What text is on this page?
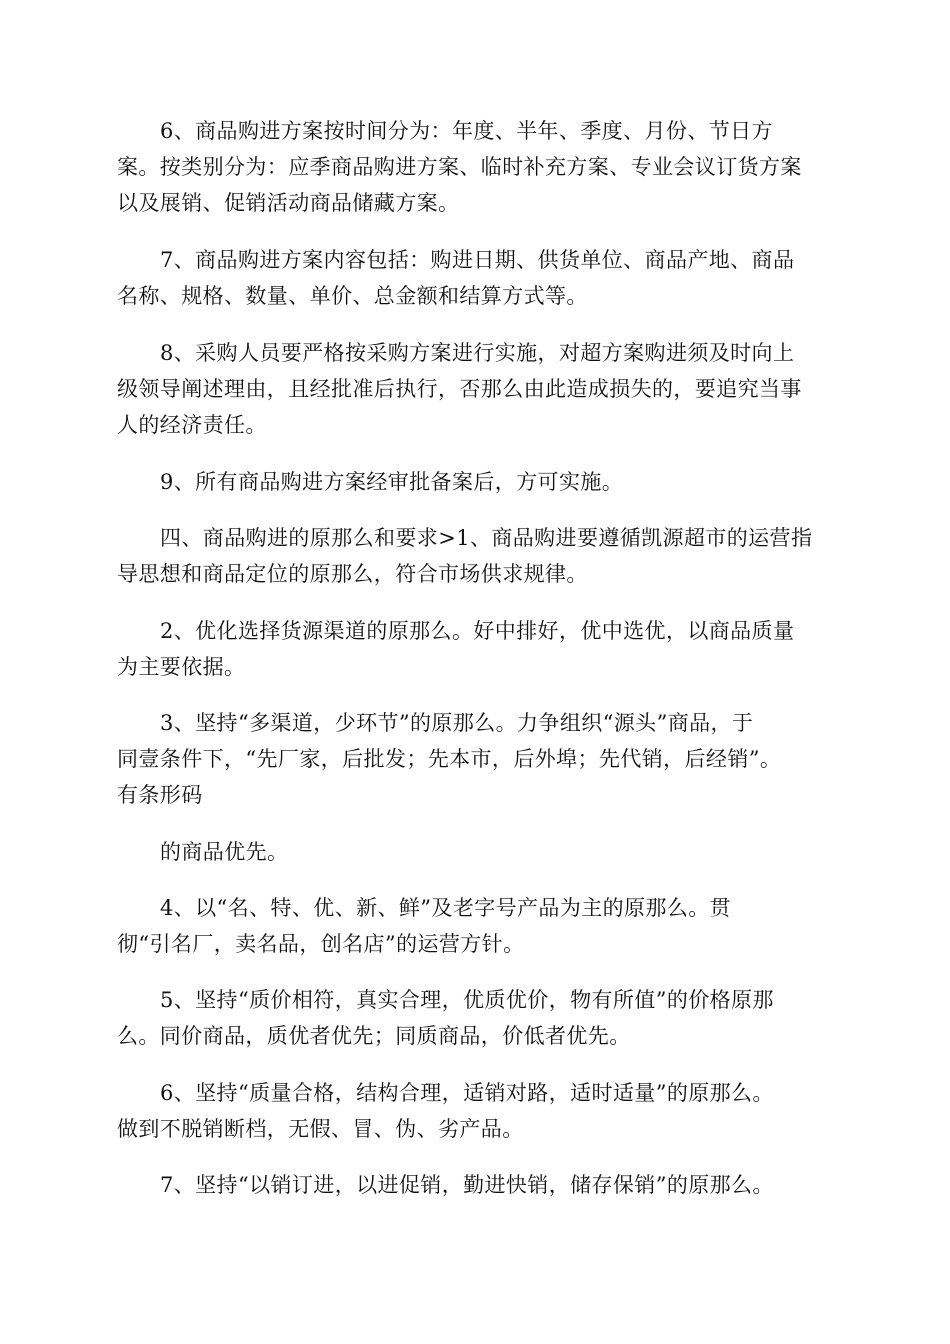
6、商品购进方案按时间分为：年度、半年、季度、月份、节日方
案。按类别分为：应季商品购进方案、临时补充方案、专业会议订货方案
以及展销、促销活动商品储藏方案。

7、商品购进方案内容包括：购进日期、供货单位、商品产地、商品
名称、规格、数量、单价、总金额和结算方式等。

8、采购人员要严格按采购方案进行实施，对超方案购进须及时向上
级领导阐述理由，且经批准后执行，否那么由此造成损失的，要追究当事
人的经济责任。

9、所有商品购进方案经审批备案后，方可实施。

四、商品购进的原那么和要求>1、商品购进要遵循凯源超市的运营指
导思想和商品定位的原那么，符合市场供求规律。

2、优化选择货源渠道的原那么。好中排好，优中选优，以商品质量
为主要依据。

3、坚持“多渠道，少环节”的原那么。力争组织“源头”商品，于
同壹条件下，“先厂家，后批发；先本市，后外埠；先代销，后经销”。
有条形码

的商品优先。

4、以“名、特、优、新、鲜”及老字号产品为主的原那么。贯
彻“引名厂，卖名品，创名店”的运营方针。

5、坚持“质价相符，真实合理，优质优价，物有所值”的价格原那
么。同价商品，质优者优先；同质商品，价低者优先。

6、坚持“质量合格，结构合理，适销对路，适时适量”的原那么。
做到不脱销断档，无假、冒、伪、劣产品。

7、坚持“以销订进，以进促销，勤进快销，储存保销”的原那么。
